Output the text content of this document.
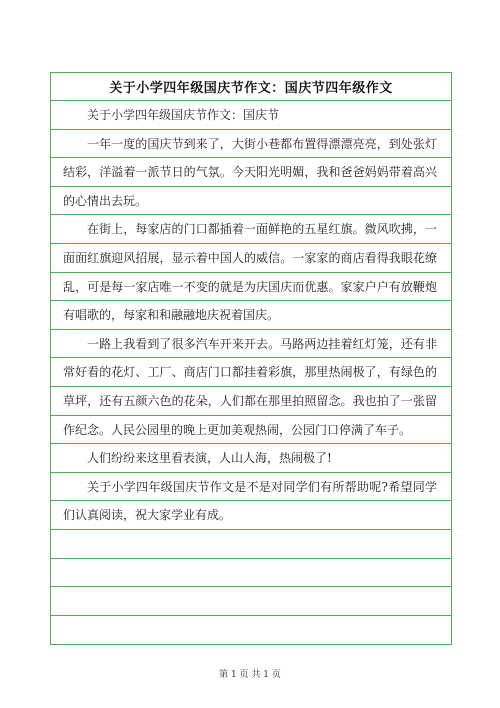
关于小学四年级国庆节作文：国庆节四年级作文

关于小学四年级国庆节作文：国庆节

一年一度的国庆节到来了，大街小巷都布置得漂漂亮亮，到处张灯结彩，洋溢着一派节日的气氛。今天阳光明媚，我和爸爸妈妈带着高兴的心情出去玩。

在街上，每家店的门口都插着一面鲜艳的五星红旗。微风吹拂，一面面红旗迎风招展，显示着中国人的威信。一家家的商店看得我眼花缭乱，可是每一家店唯一不变的就是为庆国庆而优惠。家家户户有放鞭炮有唱歌的，每家和和融融地庆祝着国庆。

一路上我看到了很多汽车开来开去。马路两边挂着红灯笼，还有非常好看的花灯、工厂、商店门口都挂着彩旗，那里热闹极了，有绿色的草坪，还有五颜六色的花朵，人们都在那里拍照留念。我也拍了一张留作纪念。人民公园里的晚上更加美观热闹，公园门口停满了车子。

人们纷纷来这里看表演，人山人海，热闹极了!

关于小学四年级国庆节作文是不是对同学们有所帮助呢?希望同学们认真阅读，祝大家学业有成。

第 1 页 共 1 页
